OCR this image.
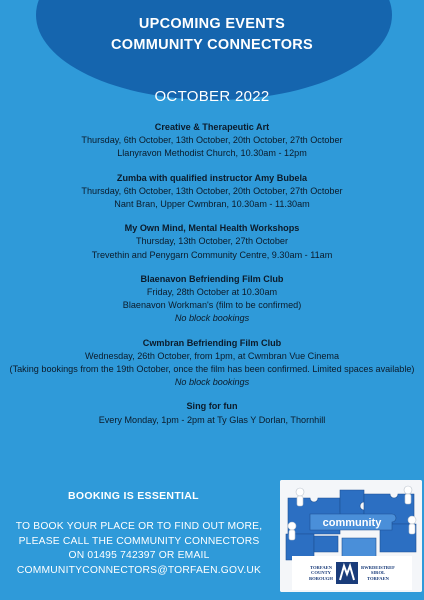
UPCOMING EVENTS
COMMUNITY CONNECTORS
OCTOBER 2022
Creative & Therapeutic Art
Thursday, 6th October, 13th October, 20th October, 27th October
Llanyravon Methodist Church, 10.30am - 12pm
Zumba with qualified instructor Amy Bubela
Thursday, 6th October, 13th October, 20th October, 27th October
Nant Bran, Upper Cwmbran, 10.30am - 11.30am
My Own Mind, Mental Health Workshops
Thursday, 13th October, 27th October
Trevethin and Penygarn Community Centre, 9.30am - 11am
Blaenavon Befriending Film Club
Friday, 28th October at 10.30am
Blaenavon Workman's (film to be confirmed)
No block bookings
Cwmbran Befriending Film Club
Wednesday, 26th October, from 1pm, at Cwmbran Vue Cinema
(Taking bookings from the 19th October, once the film has been confirmed. Limited spaces available)
No block bookings
Sing for fun
Every Monday, 1pm - 2pm at Ty Glas Y Dorlan, Thornhill
BOOKING IS ESSENTIAL
TO BOOK YOUR PLACE OR TO FIND OUT MORE,
PLEASE CALL THE COMMUNITY CONNECTORS
ON 01495 742397 OR EMAIL
COMMUNITYCONNECTORS@TORFAEN.GOV.UK
community
TORFAEN
COUNTY
BOROUGH
BWRDEISTREF
SIROL
TORFAEN
